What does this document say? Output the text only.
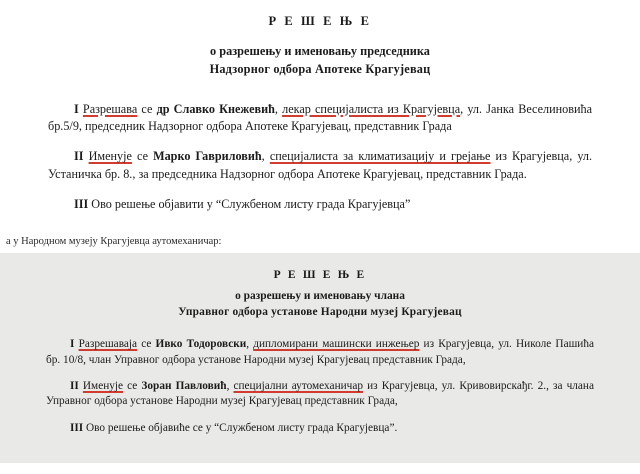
Р Е Ш Е Њ Е
о разрешењу и именовању председника
Надзорног одбора Апотеке Крагујевац
I Разрешава се др Славко Кнежевић, лекар специјалиста из Крагујевца, ул. Јанка Веселиновића бр.5/9, председник Надзорног одбора Апотеке Крагујевац, представник Града
II Именује се Марко Гавриловић, специјалиста за климатизацију и грејање из Крагујевца, ул. Устаничка бр. 8., за председника Надзорног одбора Апотеке Крагујевац, представник Града.
III Ово решење објавити у “Службеном листу града Крагујевца”
а у Народном музеју Крагујевца аутомеханичар:
Р Е Ш Е Њ Е
о разрешењу и именовању члана
Управног одбора установе Народни музеј Крагујевац
I Разрешаваја се Ивко Тодоровски, дипломирани машински инжењер из Крагујевца, ул. Николе Пашића бр. 10/8, члан Управног одбора установе Народни музеј Крагујевац представник Града,
II Именује се Зоран Павловић, специјални аутомеханичар из Крагујевца, ул. Кривовирскађг. 2., за члана Управног одбора установе Народни музеј Крагујевац представник Града,
III Ово решење објавиће се у “Службеном листу града Крагујевца”.
